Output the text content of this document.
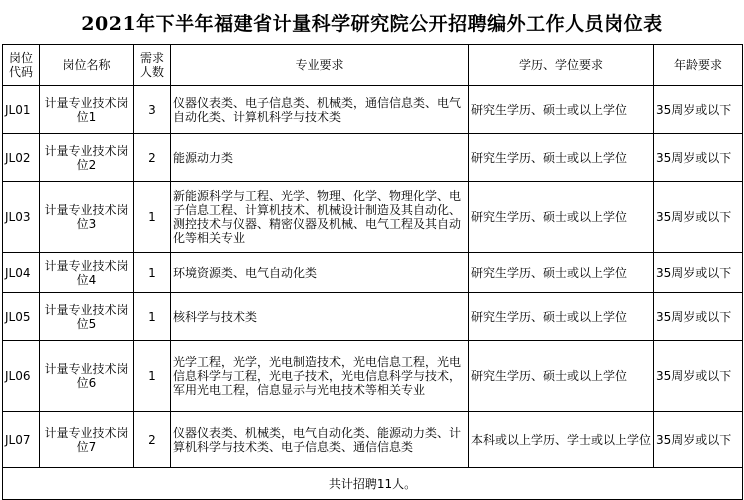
2021年下半年福建省计量科学研究院公开招聘编外工作人员岗位表
岗位代码	岗位名称	需求人数	专业要求	学历、学位要求	年龄要求
JL01	计量专业技术岗位1	3	仪器仪表类、电子信息类、机械类，通信信息类、电气自动化类、计算机科学与技术类	研究生学历、硕士或以上学位	35周岁或以下
JL02	计量专业技术岗位2	2	能源动力类	研究生学历、硕士或以上学位	35周岁或以下
JL03	计量专业技术岗位3	1	新能源科学与工程、光学、物理、化学、物理化学、电子信息工程、计算机技术、机械设计制造及其自动化、测控技术与仪器、精密仪器及机械、电气工程及其自动化等相关专业	研究生学历、硕士或以上学位	35周岁或以下
JL04	计量专业技术岗位4	1	环境资源类、电气自动化类	研究生学历、硕士或以上学位	35周岁或以下
JL05	计量专业技术岗位5	1	核科学与技术类	研究生学历、硕士或以上学位	35周岁或以下
JL06	计量专业技术岗位6	1	光学工程，光学，光电制造技术，光电信息工程，光电信息科学与工程，光电子技术，光电信息科学与技术，军用光电工程，信息显示与光电技术等相关专业	研究生学历、硕士或以上学位	35周岁或以下
JL07	计量专业技术岗位7	2	仪器仪表类、机械类，电气自动化类、能源动力类、计算机科学与技术类、电子信息类、通信信息类	本科或以上学历、学士或以上学位	35周岁或以下
共计招聘11人。					
